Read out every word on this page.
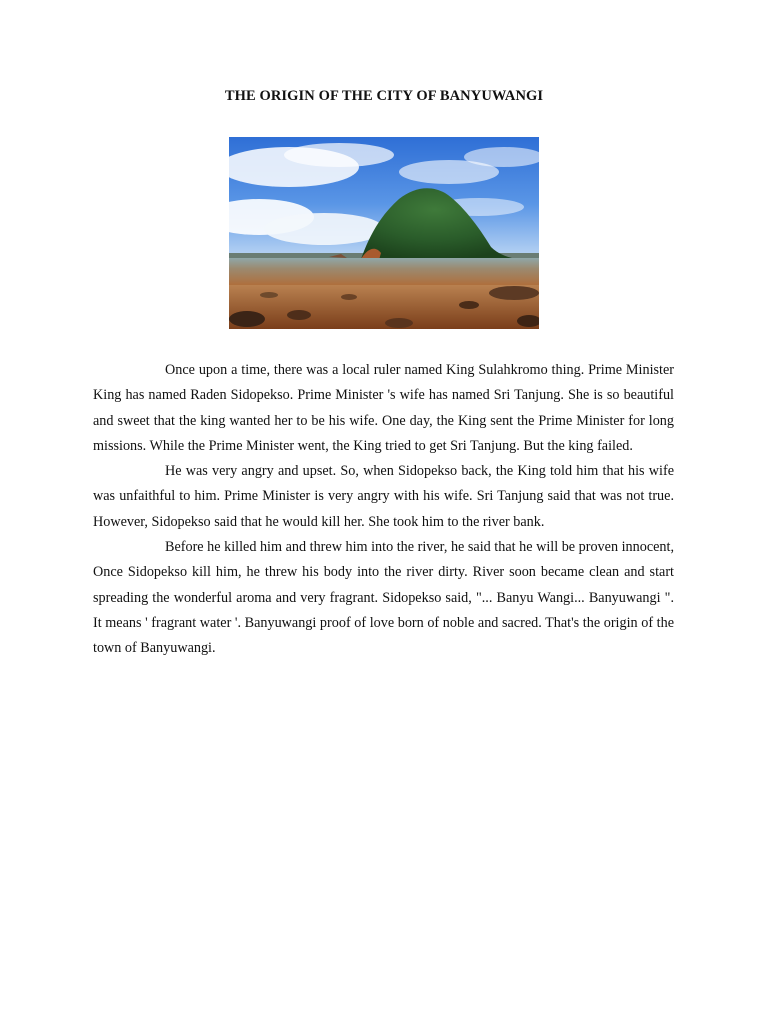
THE ORIGIN OF THE CITY OF BANYUWANGI

Once upon a time, there was a local ruler named King Sulahkromo thing. Prime Minister King has named Raden Sidopekso. Prime Minister 's wife has named Sri Tanjung. She is so beautiful and sweet that the king wanted her to be his wife. One day, the King sent the Prime Minister for long missions. While the Prime Minister went, the King tried to get Sri Tanjung. But the king failed.

He was very angry and upset. So, when Sidopekso back, the King told him that his wife was unfaithful to him. Prime Minister is very angry with his wife. Sri Tanjung said that was not true. However, Sidopekso said that he would kill her. She took him to the river bank.

Before he killed him and threw him into the river, he said that he will be proven innocent, Once Sidopekso kill him, he threw his body into the river dirty. River soon became clean and start spreading the wonderful aroma and very fragrant. Sidopekso said, "... Banyu Wangi... Banyuwangi ". It means ' fragrant water '. Banyuwangi proof of love born of noble and sacred. That's the origin of the town of Banyuwangi.
